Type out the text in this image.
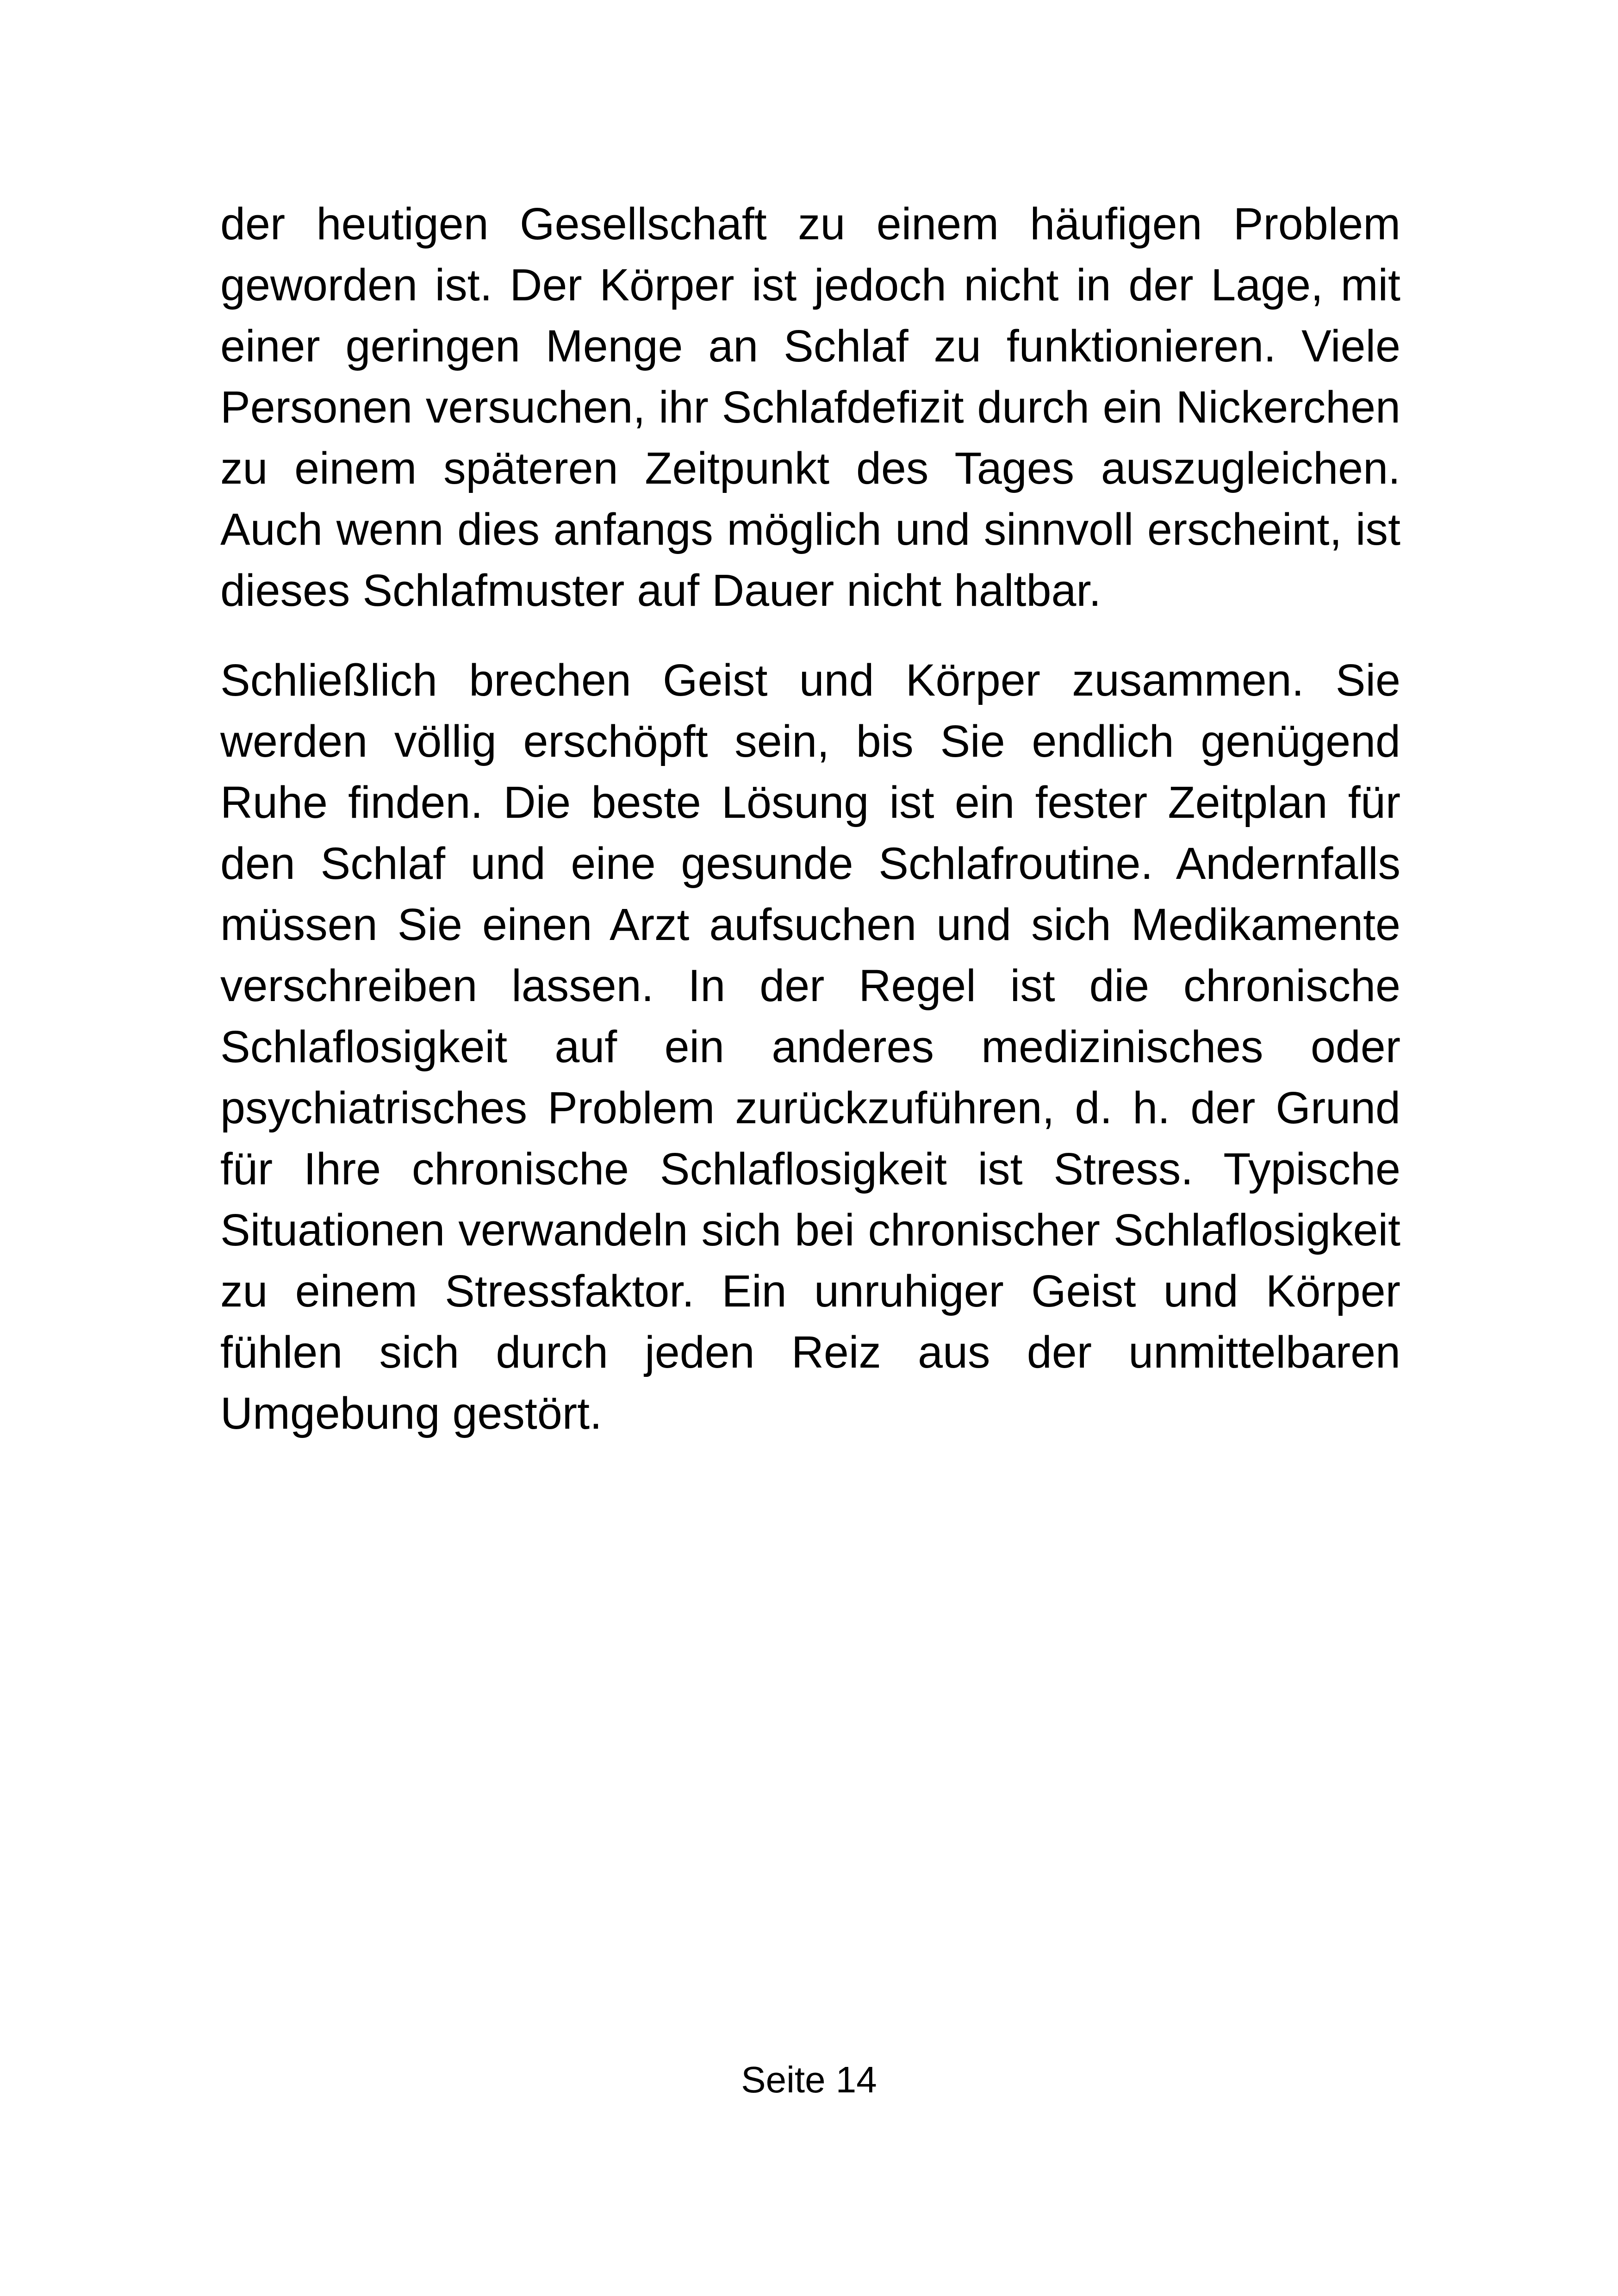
der heutigen Gesellschaft zu einem häufigen Problem geworden ist. Der Körper ist jedoch nicht in der Lage, mit einer geringen Menge an Schlaf zu funktionieren. Viele Personen versuchen, ihr Schlafdefizit durch ein Nickerchen zu einem späteren Zeitpunkt des Tages auszugleichen. Auch wenn dies anfangs möglich und sinnvoll erscheint, ist dieses Schlafmuster auf Dauer nicht haltbar.

Schließlich brechen Geist und Körper zusammen. Sie werden völlig erschöpft sein, bis Sie endlich genügend Ruhe finden. Die beste Lösung ist ein fester Zeitplan für den Schlaf und eine gesunde Schlafroutine. Andernfalls müssen Sie einen Arzt aufsuchen und sich Medikamente verschreiben lassen. In der Regel ist die chronische Schlaflosigkeit auf ein anderes medizinisches oder psychiatrisches Problem zurückzuführen, d. h. der Grund für Ihre chronische Schlaflosigkeit ist Stress. Typische Situationen verwandeln sich bei chronischer Schlaflosigkeit zu einem Stressfaktor. Ein unruhiger Geist und Körper fühlen sich durch jeden Reiz aus der unmittelbaren Umgebung gestört.

Seite 14
